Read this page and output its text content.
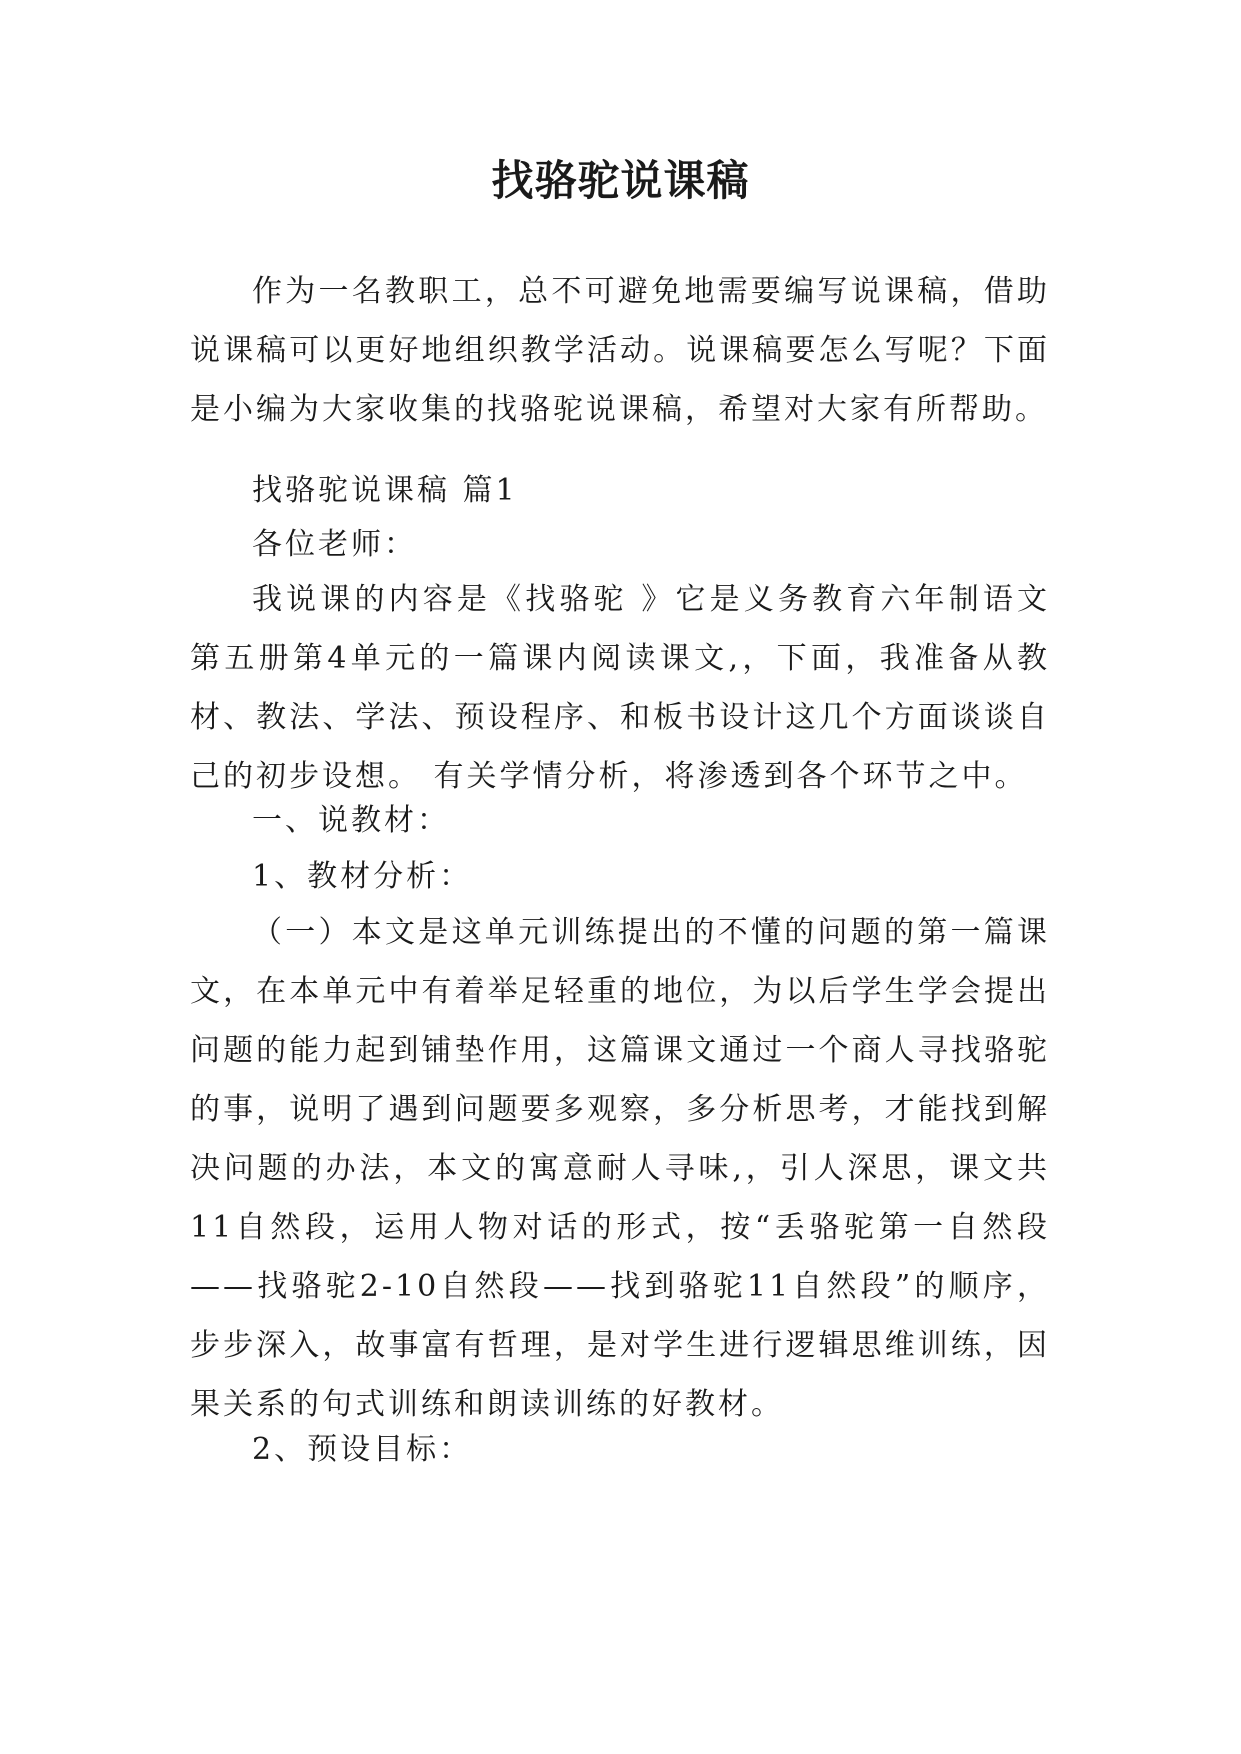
找骆驼说课稿

作为一名教职工，总不可避免地需要编写说课稿，借助说课稿可以更好地组织教学活动。说课稿要怎么写呢？下面是小编为大家收集的找骆驼说课稿，希望对大家有所帮助。

找骆驼说课稿 篇1

各位老师：

我说课的内容是《找骆驼 》它是义务教育六年制语文第五册第4单元的一篇课内阅读课文,，下面，我准备从教材、教法、学法、预设程序、和板书设计这几个方面谈谈自己的初步设想。 有关学情分析，将渗透到各个环节之中。

一、说教材：

1、教材分析：

（一）本文是这单元训练提出的不懂的问题的第一篇课文，在本单元中有着举足轻重的地位，为以后学生学会提出问题的能力起到铺垫作用，这篇课文通过一个商人寻找骆驼的事，说明了遇到问题要多观察，多分析思考，才能找到解决问题的办法，本文的寓意耐人寻味,，引人深思，课文共11自然段，运用人物对话的形式，按“丢骆驼第一自然段——找骆驼2-10自然段——找到骆驼11自然段”的顺序，步步深入，故事富有哲理，是对学生进行逻辑思维训练，因果关系的句式训练和朗读训练的好教材。

2、预设目标：
